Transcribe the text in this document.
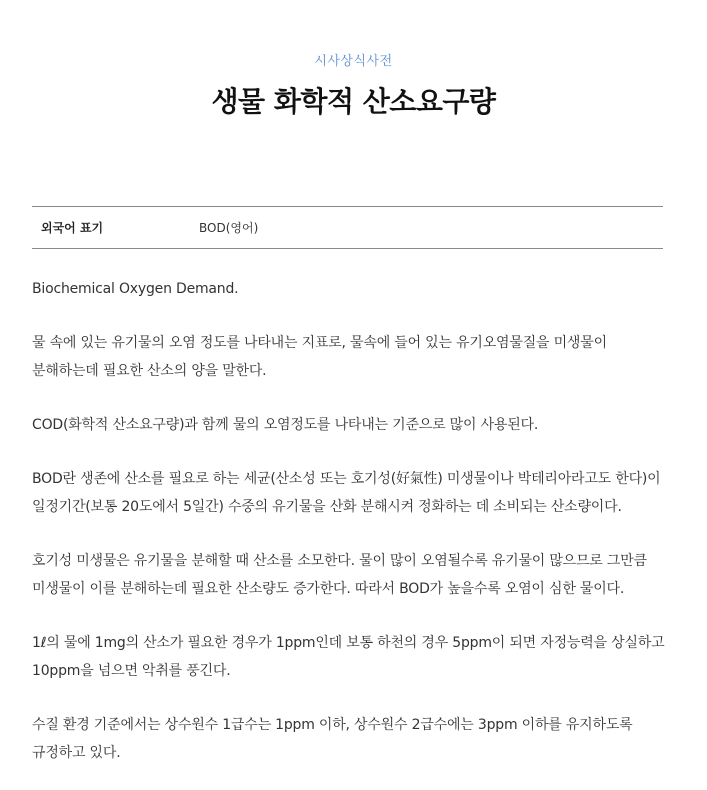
시사상식사전
생물 화학적 산소요구량
외국어 표기	BOD(영어)

Biochemical Oxygen Demand.

물 속에 있는 유기물의 오염 정도를 나타내는 지표로, 물속에 들어 있는 유기오염물질을 미생물이 분해하는데 필요한 산소의 양을 말한다.

COD(화학적 산소요구량)과 함께 물의 오염정도를 나타내는 기준으로 많이 사용된다.

BOD란 생존에 산소를 필요로 하는 세균(산소성 또는 호기성(好氣性) 미생물이나 박테리아라고도 한다)이 일정기간(보통 20도에서 5일간) 수중의 유기물을 산화 분해시켜 정화하는 데 소비되는 산소량이다.

호기성 미생물은 유기물을 분해할 때 산소를 소모한다. 물이 많이 오염될수록 유기물이 많으므로 그만큼 미생물이 이를 분해하는데 필요한 산소량도 증가한다. 따라서 BOD가 높을수록 오염이 심한 물이다.

1ℓ의 물에 1mg의 산소가 필요한 경우가 1ppm인데 보통 하천의 경우 5ppm이 되면 자정능력을 상실하고 10ppm을 넘으면 악취를 풍긴다.

수질 환경 기준에서는 상수원수 1급수는 1ppm 이하, 상수원수 2급수에는 3ppm 이하를 유지하도록 규정하고 있다.
